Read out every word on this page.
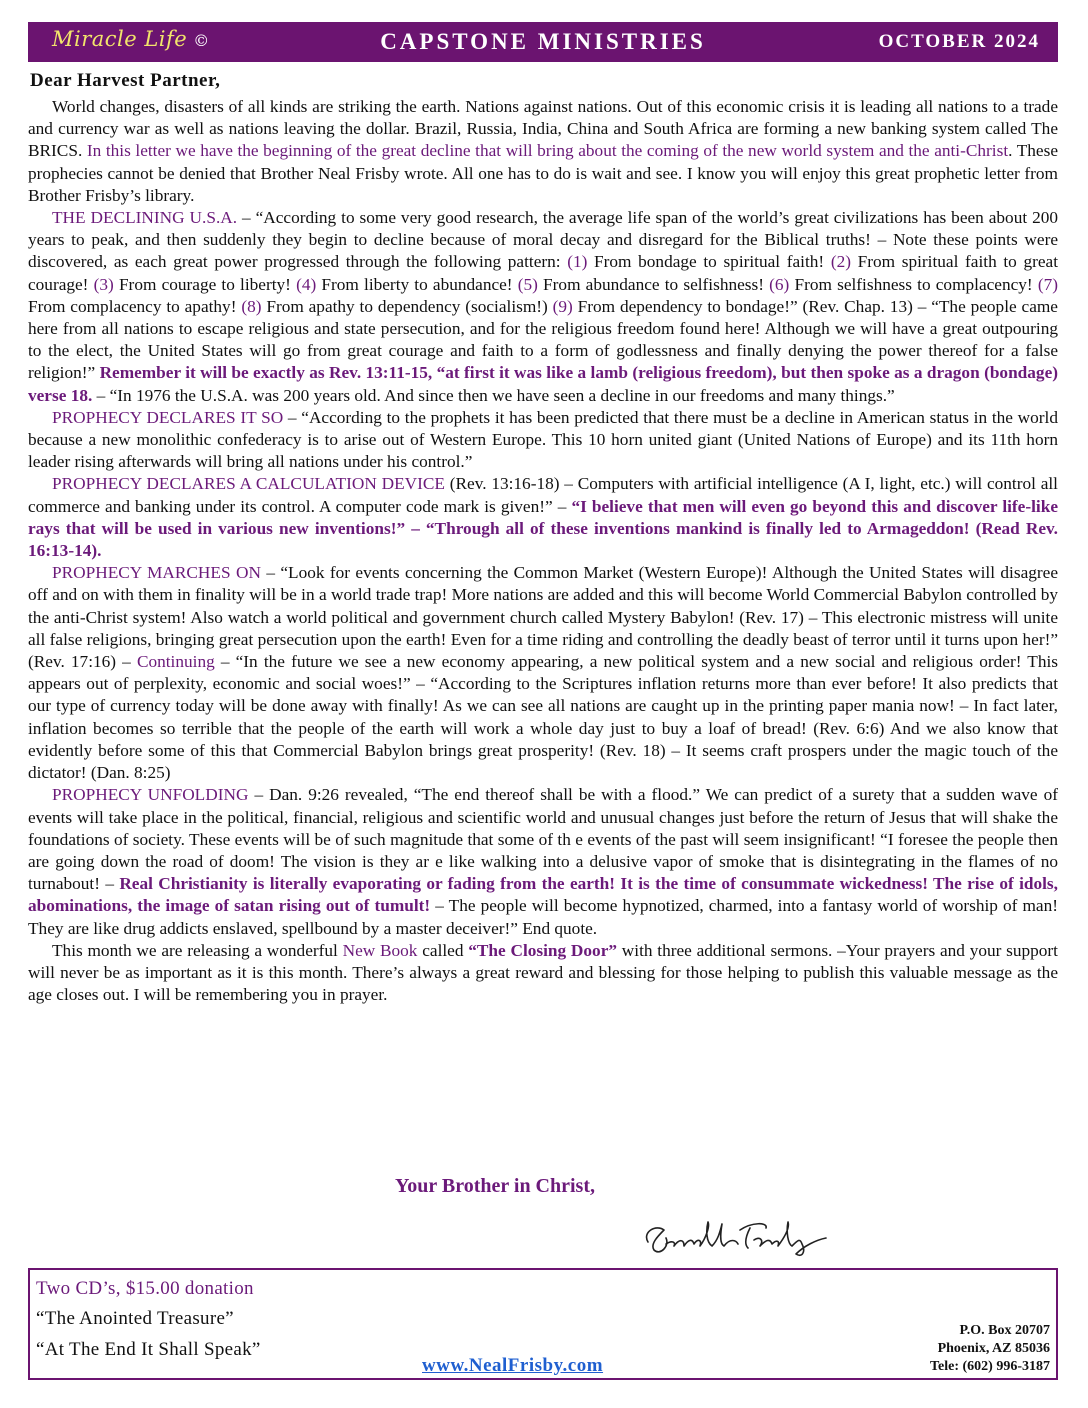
Miracle Life ©	CAPSTONE MINISTRIES	OCTOBER 2024
Dear Harvest Partner,

World changes, disasters of all kinds are striking the earth. Nations against nations. Out of this economic crisis it is leading all nations to a trade and currency war as well as nations leaving the dollar. Brazil, Russia, India, China and South Africa are forming a new banking system called The BRICS. In this letter we have the beginning of the great decline that will bring about the coming of the new world system and the anti-Christ. These prophecies cannot be denied that Brother Neal Frisby wrote. All one has to do is wait and see. I know you will enjoy this great prophetic letter from Brother Frisby’s library.

THE DECLINING U.S.A. – “According to some very good research, the average life span of the world’s great civilizations has been about 200 years to peak, and then suddenly they begin to decline because of moral decay and disregard for the Biblical truths! – Note these points were discovered, as each great power progressed through the following pattern: (1) From bondage to spiritual faith! (2) From spiritual faith to great courage! (3) From courage to liberty! (4) From liberty to abundance! (5) From abundance to selfishness! (6) From selfishness to complacency! (7) From complacency to apathy! (8) From apathy to dependency (socialism!) (9) From dependency to bondage!” (Rev. Chap. 13) – “The people came here from all nations to escape religious and state persecution, and for the religious freedom found here! Although we will have a great outpouring to the elect, the United States will go from great courage and faith to a form of godlessness and finally denying the power thereof for a false religion!” Remember it will be exactly as Rev. 13:11-15, “at first it was like a lamb (religious freedom), but then spoke as a dragon (bondage) verse 18. – “In 1976 the U.S.A. was 200 years old. And since then we have seen a decline in our freedoms and many things.”

PROPHECY DECLARES IT SO – “According to the prophets it has been predicted that there must be a decline in American status in the world because a new monolithic confederacy is to arise out of Western Europe. This 10 horn united giant (United Nations of Europe) and its 11th horn leader rising afterwards will bring all nations under his control.”

PROPHECY DECLARES A CALCULATION DEVICE (Rev. 13:16-18) – Computers with artificial intelligence (A I, light, etc.) will control all commerce and banking under its control. A computer code mark is given!” – “I believe that men will even go beyond this and discover life-like rays that will be used in various new inventions!” – “Through all of these inventions mankind is finally led to Armageddon! (Read Rev. 16:13-14).

PROPHECY MARCHES ON – “Look for events concerning the Common Market (Western Europe)! Although the United States will disagree off and on with them in finality will be in a world trade trap! More nations are added and this will become World Commercial Babylon controlled by the anti-Christ system! Also watch a world political and government church called Mystery Babylon! (Rev. 17) – This electronic mistress will unite all false religions, bringing great persecution upon the earth! Even for a time riding and controlling the deadly beast of terror until it turns upon her!” (Rev. 17:16) – Continuing – “In the future we see a new economy appearing, a new political system and a new social and religious order! This appears out of perplexity, economic and social woes!” – “According to the Scriptures inflation returns more than ever before! It also predicts that our type of currency today will be done away with finally! As we can see all nations are caught up in the printing paper mania now! – In fact later, inflation becomes so terrible that the people of the earth will work a whole day just to buy a loaf of bread! (Rev. 6:6) And we also know that evidently before some of this that Commercial Babylon brings great prosperity! (Rev. 18) – It seems craft prospers under the magic touch of the dictator! (Dan. 8:25)

PROPHECY UNFOLDING – Dan. 9:26 revealed, “The end thereof shall be with a flood.” We can predict of a surety that a sudden wave of events will take place in the political, financial, religious and scientific world and unusual changes just before the return of Jesus that will shake the foundations of society. These events will be of such magnitude that some of th e events of the past will seem insignificant! “I foresee the people then are going down the road of doom! The vision is they ar e like walking into a delusive vapor of smoke that is disintegrating in the flames of no turnabout! – Real Christianity is literally evaporating or fading from the earth! It is the time of consummate wickedness! The rise of idols, abominations, the image of satan rising out of tumult! – The people will become hypnotized, charmed, into a fantasy world of worship of man! They are like drug addicts enslaved, spellbound by a master deceiver!” End quote.

This month we are releasing a wonderful New Book called “The Closing Door” with three additional sermons. –Your prayers and your support will never be as important as it is this month. There’s always a great reward and blessing for those helping to publish this valuable message as the age closes out. I will be remembering you in prayer.

Your Brother in Christ,
Two CD’s, $15.00 donation
“The Anointed Treasure”
“At The End It Shall Speak”
www.NealFrisby.com
P.O. Box 20707
Phoenix, AZ 85036
Tele: (602) 996-3187
